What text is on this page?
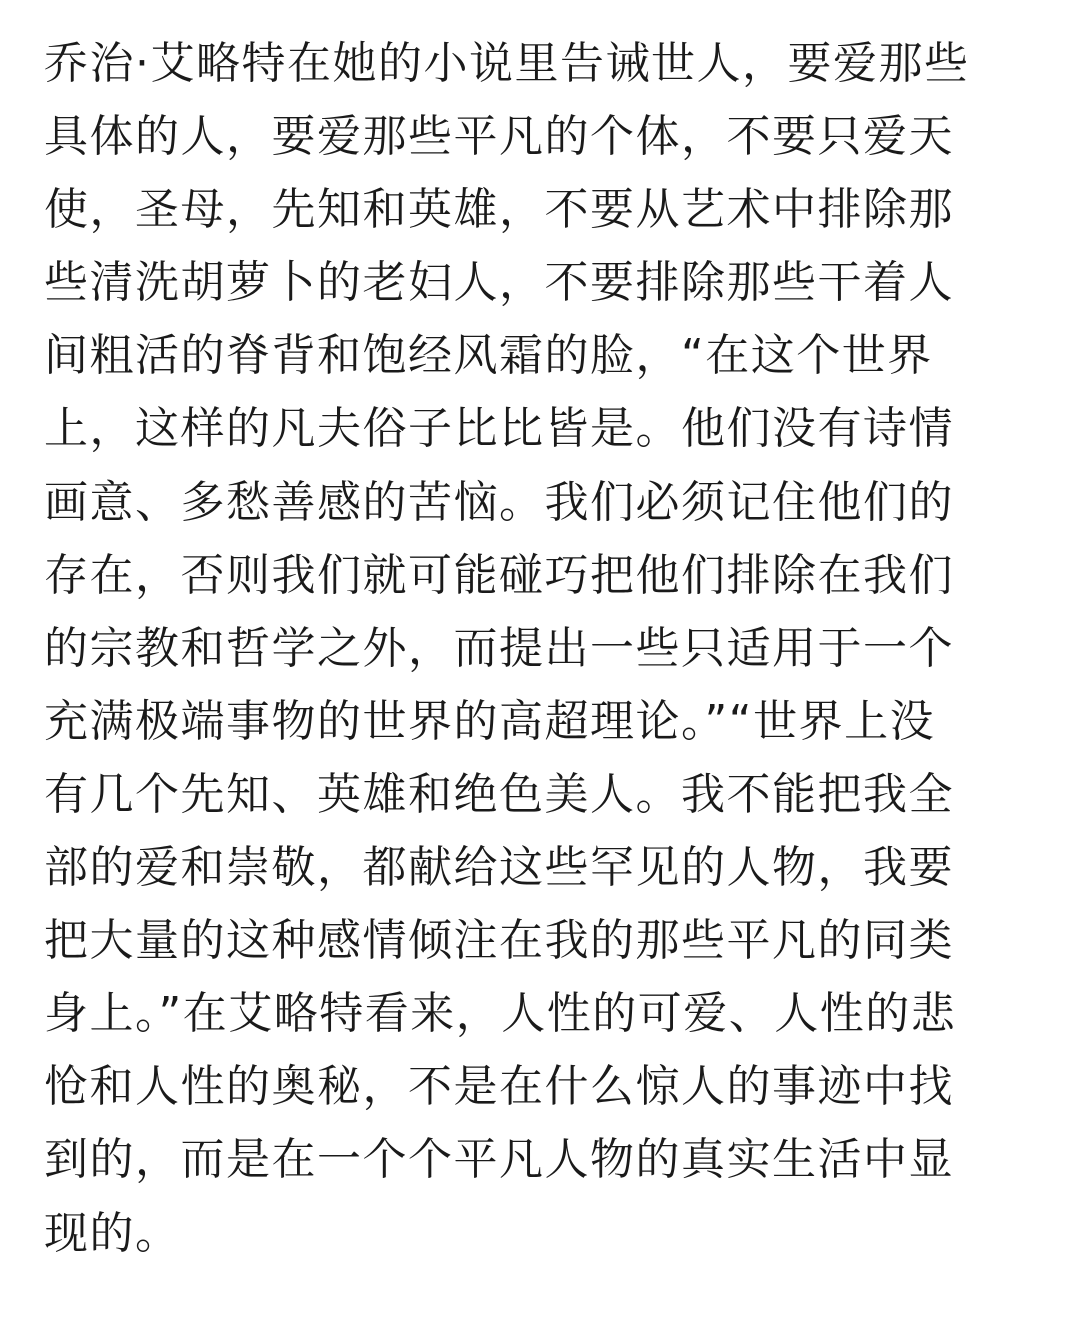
乔治·艾略特在她的小说里告诫世人，要爱那些
具体的人，要爱那些平凡的个体，不要只爱天
使，圣母，先知和英雄，不要从艺术中排除那
些清洗胡萝卜的老妇人，不要排除那些干着人
间粗活的脊背和饱经风霜的脸，“在这个世界
上，这样的凡夫俗子比比皆是。他们没有诗情
画意、多愁善感的苦恼。我们必须记住他们的
存在，否则我们就可能碰巧把他们排除在我们
的宗教和哲学之外，而提出一些只适用于一个
充满极端事物的世界的高超理论。”“世界上没
有几个先知、英雄和绝色美人。我不能把我全
部的爱和崇敬，都献给这些罕见的人物，我要
把大量的这种感情倾注在我的那些平凡的同类
身上。”在艾略特看来，人性的可爱、人性的悲
怆和人性的奥秘，不是在什么惊人的事迹中找
到的，而是在一个个平凡人物的真实生活中显
现的。
